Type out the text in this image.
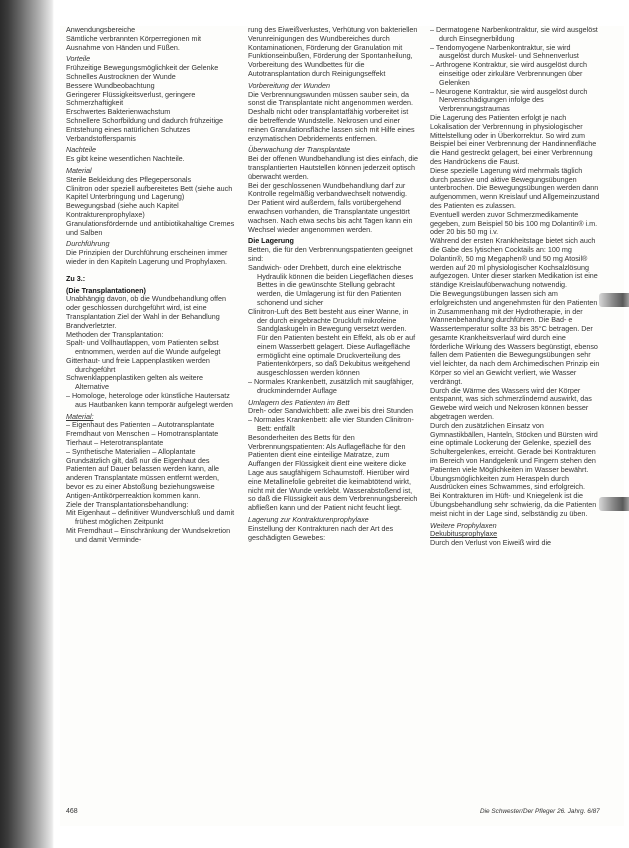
Anwendungsbereiche

Sämtliche verbrannten Körperregionen mit Ausnahme von Händen und Füßen.

Vorteile

Frühzeitige Bewegungsmöglichkeit der Gelenke

Schnelles Austrocknen der Wunde

Bessere Wundbeobachtung

Geringerer Flüssigkeitsverlust, geringere Schmerzhaftigkeit

Erschwertes Bakterienwachstum

Schnellere Schorfbildung und dadurch frühzeitige Entstehung eines natürlichen Schutzes

Verbandstoffersparnis

Nachteile

Es gibt keine wesentlichen Nachteile.

Material

Sterile Bekleidung des Pflegepersonals

Clinitron oder speziell aufbereitetes Bett (siehe auch Kapitel Unterbringung und Lagerung)

Bewegungsbad (siehe auch Kapitel Kontrakturenprophylaxe)

Granulationsfördernde und antibiotikahaltige Cremes und Salben

Durchführung

Die Prinzipien der Durchführung erscheinen immer wieder in den Kapiteln Lagerung und Prophylaxen.

Zu 3.:

(Die Transplantationen)

Unabhängig davon, ob die Wundbehandlung offen oder geschlossen durchgeführt wird, ist eine Transplantation Ziel der Wahl in der Behandlung Brandverletzter.

Methoden der Transplantation:

Spalt- und Vollhautlappen, vom Patienten selbst entnommen, werden auf die Wunde aufgelegt

Gitterhaut- und freie Lappenplastiken werden durchgeführt

Schwenklappenplastiken gelten als weitere Alternative

– Homologe, heterologe oder künstliche Hautersatz aus Hautbanken kann temporär aufgelegt werden

Material:

– Eigenhaut des Patienten – Autotransplantate

Fremdhaut von Menschen – Homotransplantate

Tierhaut – Heterotransplantate

– Synthetische Materialien – Alloplantate

Grundsätzlich gilt, daß nur die Eigenhaut des Patienten auf Dauer belassen werden kann, alle anderen Transplantate müssen entfernt werden, bevor es zu einer Abstoßung beziehungsweise Antigen-Antikörperreaktion kommen kann.

Ziele der Transplantationsbehandlung:

Mit Eigenhaut – definitiver Wundverschluß und damit frühest möglichen Zeitpunkt

Mit Fremdhaut – Einschränkung der Wundsekretion und damit Verminde-

rung des Eiweißverlustes, Verhütung von bakteriellen Verunreinigungen des Wundbereiches durch Kontaminationen, Förderung der Granulation mit Funktionseinbußen, Förderung der Spontanheilung, Vorbereitung des Wundbettes für die Autotransplantation durch Reinigungseffekt

Vorbereitung der Wunden

Die Verbrennungswunden müssen sauber sein, da sonst die Transplantate nicht angenommen werden.

Deshalb nicht oder transplantatfähig vorbereitet ist die betreffende Wundstelle. Nekrosen und einer reinen Granulationsfläche lassen sich mit Hilfe eines enzymatischen Debridements entfernen.

Überwachung der Transplantate

Bei der offenen Wundbehandlung ist dies einfach, die transplantierten Hautstellen können jederzeit optisch überwacht werden.

Bei der geschlossenen Wundbehandlung darf zur Kontrolle regelmäßig verbandwechselt notwendig.

Der Patient wird außerdem, falls vorübergehend erwachsen vorhanden, die Transplantate ungestört wachsen. Nach etwa sechs bis acht Tagen kann ein Wechsel wieder angenommen werden.

Die Lagerung

Betten, die für den Verbrennungspatienten geeignet sind:

Sandwich- oder Drehbett, durch eine elektrische Hydraulik können die beiden Liegeflächen dieses Bettes in die gewünschte Stellung gebracht werden, die Umlagerung ist für den Patienten schonend und sicher

Clinitron-Luft des Bett besteht aus einer Wanne, in der durch eingebrachte Druckluft mikrofeine Sandglaskugeln in Bewegung versetzt werden. Für den Patienten besteht ein Effekt, als ob er auf einem Wasserbett gelagert. Diese Auflagefläche ermöglicht eine optimale Druckverteilung des Patientenkörpers, so daß Dekubitus weitgehend ausgeschlossen werden können

– Normales Krankenbett, zusätzlich mit saugfähiger, druckmindernder Auflage

Umlagern des Patienten im Bett

Dreh- oder Sandwichbett: alle zwei bis drei Stunden

– Normales Krankenbett: alle vier Stunden Clinitron-Bett: entfällt

Besonderheiten des Betts für den Verbrennungspatienten: Als Auflagefläche für den Patienten dient eine einteilige Matratze, zum Auffangen der Flüssigkeit dient eine weitere dicke Lage aus saugfähigem Schaumstoff. Hierüber wird eine Metallinefolie gebreitet die keimabtötend wirkt, nicht mit der Wunde verklebt. Wasserabstoßend ist, so daß die Flüssigkeit aus dem Verbrennungsbereich abfließen kann und der Patient nicht feucht liegt.

Lagerung zur Kontrakturenprophylaxe

Einstellung der Kontrakturen nach der Art des geschädigten Gewebes:

– Dermatogene Narbenkontraktur, sie wird ausgelöst durch Einsegnerbildung

– Tendomyogene Narbenkontraktur, sie wird ausgelöst durch Muskel- und Sehnenverlust

– Arthrogene Kontraktur, sie wird ausgelöst durch einseitige oder zirkuläre Verbrennungen über Gelenken

– Neurogene Kontraktur, sie wird ausgelöst durch Nervenschädigungen infolge des Verbrennungstraumas

Die Lagerung des Patienten erfolgt je nach Lokalisation der Verbrennung in physiologischer Mittelstellung oder in Überkorrektur. So wird zum Beispiel bei einer Verbrennung der Handinnenfläche die Hand gestreckt gelagert, bei einer Verbrennung des Handrückens die Faust.

Diese spezielle Lagerung wird mehrmals täglich durch passive und aktive Bewegungsübungen unterbrochen. Die Bewegungsübungen werden dann aufgenommen, wenn Kreislauf und Allgemeinzustand des Patienten es zulassen.

Eventuell werden zuvor Schmerzmedikamente gegeben, zum Beispiel 50 bis 100 mg Dolantin® i.m. oder 20 bis 50 mg i.v.

Während der ersten Krankheitstage bietet sich auch die Gabe des lytischen Cocktails an: 100 mg Dolantin®, 50 mg Megaphen® und 50 mg Atosil® werden auf 20 ml physiologischer Kochsalzlösung aufgezogen. Unter dieser starken Medikation ist eine ständige Kreislaufüberwachung notwendig.

Die Bewegungsübungen lassen sich am erfolgreichsten und angenehmsten für den Patienten in Zusammenhang mit der Hydrotherapie, in der Wannenbehandlung durchführen. Die Bad- e Wassertemperatur sollte 33 bis 35°C betragen. Der gesamte Krankheitsverlauf wird durch eine förderliche Wirkung des Wassers begünstigt, ebenso fallen dem Patienten die Bewegungsübungen sehr viel leichter, da nach dem Archimedischen Prinzip ein Körper so viel an Gewicht verliert, wie Wasser verdrängt.

Durch die Wärme des Wassers wird der Körper entspannt, was sich schmerzlindernd auswirkt, das Gewebe wird weich und Nekrosen können besser abgetragen werden.

Durch den zusätzlichen Einsatz von Gymnastikbällen, Hanteln, Stöcken und Bürsten wird eine optimale Lockerung der Gelenke, speziell des Schultergelenkes, erreicht. Gerade bei Kontrakturen im Bereich von Handgelenk und Fingern stehen den Patienten viele Möglichkeiten im Wasser bewährt. Übungsmöglichkeiten zum Heraspeln durch Ausdrücken eines Schwammes, sind erfolgreich.

Bei Kontrakturen im Hüft- und Kniegelenk ist die Übungsbehandlung sehr schwierig, da die Patienten meist nicht in der Lage sind, selbständig zu üben.

Weitere Prophylaxen

Dekubitusprophylaxe

Durch den Verlust von Eiweiß wird die

468	Die Schwester/Der Pfleger 26. Jahrg. 6/87
